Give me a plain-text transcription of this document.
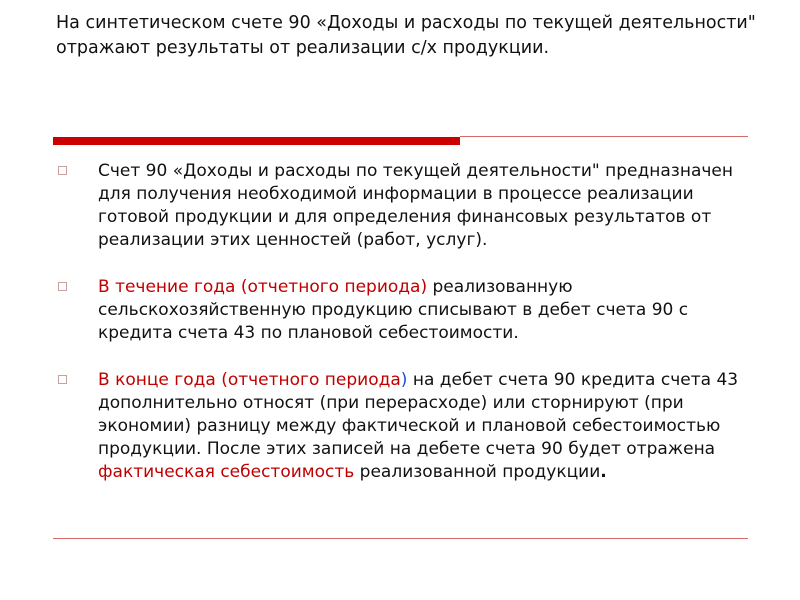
На синтетическом счете 90 «Доходы и расходы по текущей деятельности" отражают результаты от реализации с/х продукции.
Счет 90 «Доходы и расходы по текущей деятельности" предназначен для получения необходимой информации в процессе реализации готовой продукции и для определения финансовых результатов от реализации этих ценностей (работ, услуг).
В течение года (отчетного периода) реализованную сельскохозяйственную продукцию списывают в дебет счета 90 с кредита счета 43 по плановой себестоимости.
В конце года (отчетного периода) на дебет счета 90 кредита счета 43 дополнительно относят (при перерасходе) или сторнируют (при экономии) разницу между фактической и плановой себестоимостью продукции. После этих записей на дебете счета 90 будет отражена фактическая себестоимость реализованной продукции.
